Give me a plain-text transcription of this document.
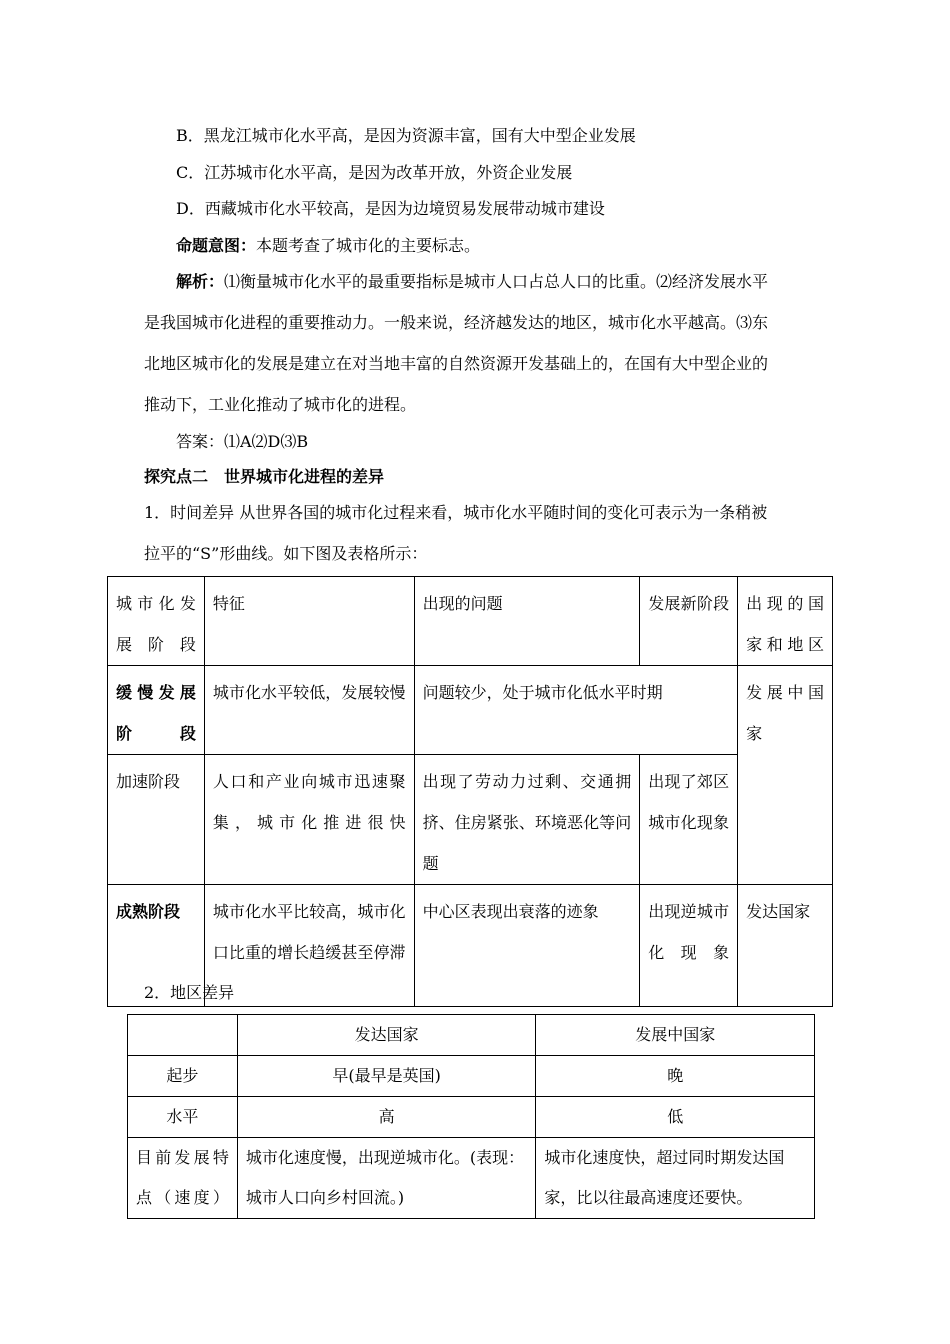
B．黑龙江城市化水平高，是因为资源丰富，国有大中型企业发展
C．江苏城市化水平高，是因为改革开放，外资企业发展
D．西藏城市化水平较高，是因为边境贸易发展带动城市建设
命题意图：本题考查了城市化的主要标志。
解析：⑴衡量城市化水平的最重要指标是城市人口占总人口的比重。⑵经济发展水平
是我国城市化进程的重要推动力。一般来说，经济越发达的地区，城市化水平越高。⑶东
北地区城市化的发展是建立在对当地丰富的自然资源开发基础上的，在国有大中型企业的
推动下，工业化推动了城市化的进程。
答案：⑴A⑵D⑶B
探究点二　世界城市化进程的差异
1．时间差异 从世界各国的城市化过程来看，城市化水平随时间的变化可表示为一条稍被
拉平的“S”形曲线。如下图及表格所示：
城市化发展阶段	特征	出现的问题	发展新阶段	出现的国家和地区
缓慢发展阶段	城市化水平较低，发展较慢	问题较少，处于城市化低水平时期		发展中国家
加速阶段	人口和产业向城市迅速聚集，城市化推进很快	出现了劳动力过剩、交通拥挤、住房紧张、环境恶化等问题	出现了郊区城市化现象	
成熟阶段	城市化水平比较高，城市化口比重的增长趋缓甚至停滞	中心区表现出衰落的迹象	出现逆城市化现象	发达国家
2．地区差异
	发达国家	发展中国家
起步	早(最早是英国)	晚
水平	高	低
目前发展特点（速度）	城市化速度慢，出现逆城市化。(表现：城市人口向乡村回流。)	城市化速度快，超过同时期发达国家，比以往最高速度还要快。
